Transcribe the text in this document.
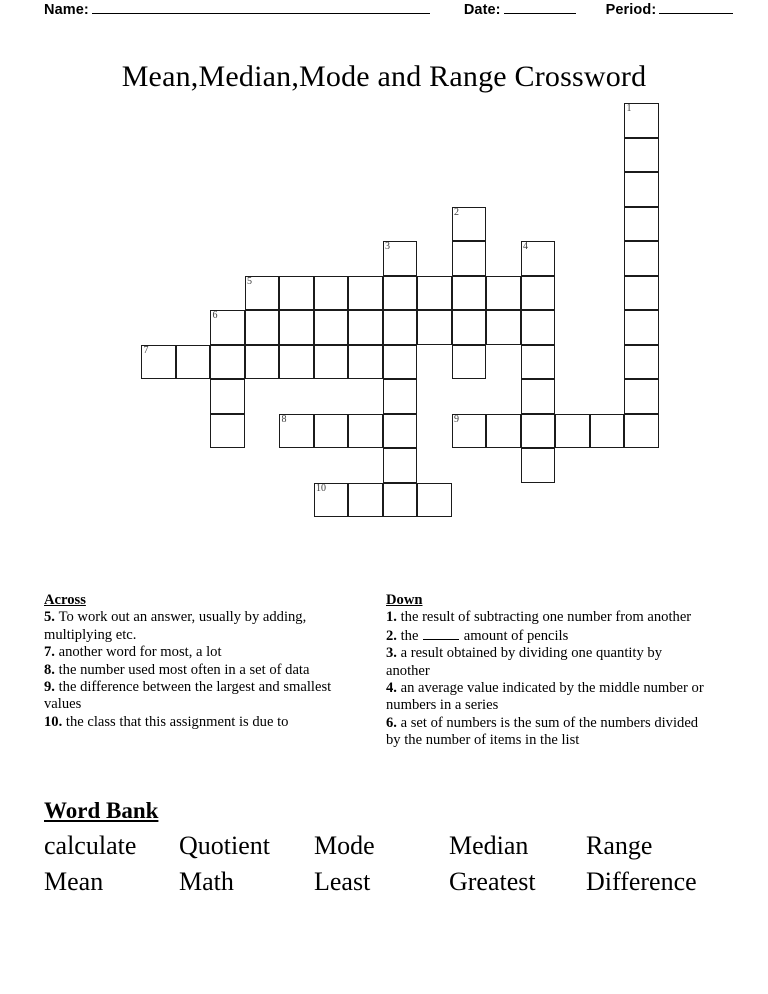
Name:	Date:	Period:
Mean,Median,Mode and Range Crossword
1
2
3	4
5
6
7
8	9
10
Across

5. To work out an answer, usually by adding, multiplying etc.

7. another word for most, a lot

8. the number used most often in a set of data

9. the difference between the largest and smallest values

10. the class that this assignment is due to

Down

1. the result of subtracting one number from another

2. the	amount of pencils

3. a result obtained by dividing one quantity by another

4. an average value indicated by the middle number or numbers in a series

6. a set of numbers is the sum of the numbers divided by the number of items in the list

Word Bank
calculate	Quotient	Mode	Median	Range
Mean	Math	Least	Greatest	Difference
